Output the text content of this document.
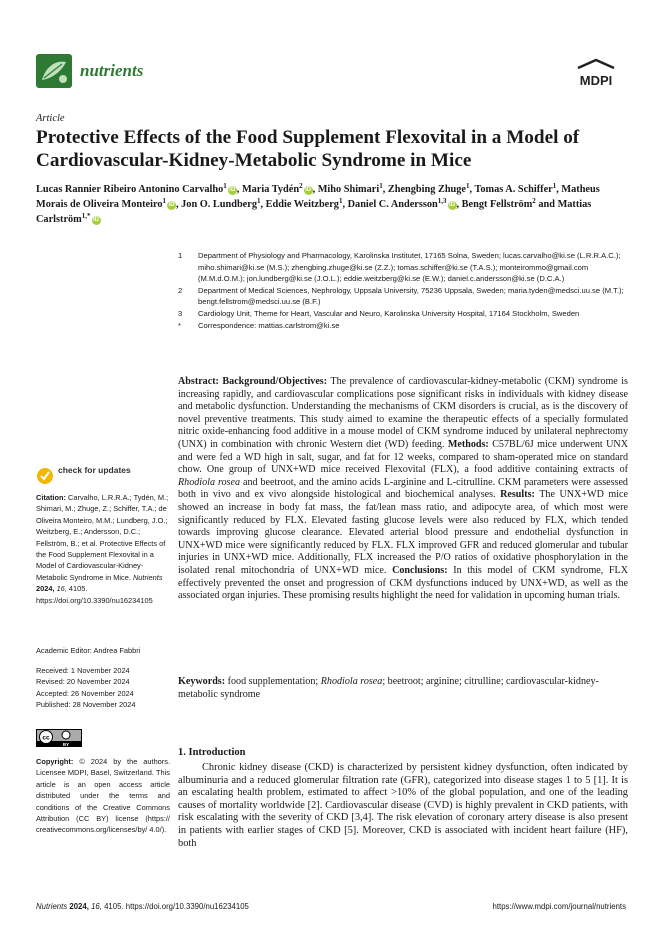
nutrients
MDPI
Article
Protective Effects of the Food Supplement Flexovital in a Model of Cardiovascular-Kidney-Metabolic Syndrome in Mice
Lucas Rannier Ribeiro Antonino Carvalho$^1$ iD , Maria Tydén$^2$ iD , Miho Shimari$^1$, Zhengbing Zhuge$^1$, Tomas A. Schiffer$^1$, Matheus Morais de Oliveira Monteiro$^1$ iD , Jon O. Lundberg$^1$, Eddie Weitzberg$^1$, Daniel C. Andersson$^{1,3}$ iD , Bengt Fellström$^2$ and Mattias Carlström$^{1,*}$ iD
1 Department of Physiology and Pharmacology, Karolinska Institutet, 17165 Solna, Sweden; lucas.carvalho@ki.se (L.R.R.A.C.); miho.shimari@ki.se (M.S.); zhengbing.zhuge@ki.se (Z.Z.); tomas.schiffer@ki.se (T.A.S.); monteirommo@gmail.com (M.M.d.O.M.); jon.lundberg@ki.se (J.O.L.); eddie.weitzberg@ki.se (E.W.); daniel.c.andersson@ki.se (D.C.A.)
2 Department of Medical Sciences, Nephrology, Uppsala University, 75236 Uppsala, Sweden; maria.tyden@medsci.uu.se (M.T.); bengt.fellstrom@medsci.uu.se (B.F.)
3 Cardiology Unit, Theme for Heart, Vascular and Neuro, Karolinska University Hospital, 17164 Stockholm, Sweden
* Correspondence: mattias.carlstrom@ki.se
check for updates
Citation: Carvalho, L.R.R.A.; Tydén, M.; Shimari, M.; Zhuge, Z.; Schiffer, T.A.; de Oliveira Monteiro, M.M.; Lundberg, J.O.; Weitzberg, E.; Andersson, D.C.; Fellström, B.; et al. Protective Effects of the Food Supplement Flexovital in a Model of Cardiovascular-Kidney-Metabolic Syndrome in Mice. Nutrients 2024, 16, 4105. https://doi.org/10.3390/nu16234105
Academic Editor: Andrea Fabbri
Received: 1 November 2024
Revised: 20 November 2024
Accepted: 26 November 2024
Published: 28 November 2024
cc
BY
Copyright: © 2024 by the authors. Licensee MDPI, Basel, Switzerland. This article is an open access article distributed under the terms and conditions of the Creative Commons Attribution (CC BY) license (https:// creativecommons.org/licenses/by/ 4.0/).
Abstract: Background/Objectives: The prevalence of cardiovascular-kidney-metabolic (CKM) syndrome is increasing rapidly, and cardiovascular complications pose significant risks in individuals with kidney disease and metabolic dysfunction. Understanding the mechanisms of CKM disorders is crucial, as is the discovery of novel preventive treatments. This study aimed to examine the therapeutic effects of a specially formulated nitric oxide-enhancing food additive in a mouse model of CKM syndrome induced by unilateral nephrectomy (UNX) in combination with chronic Western diet (WD) feeding. Methods: C57BL/6J mice underwent UNX and were fed a WD high in salt, sugar, and fat for 12 weeks, compared to sham-operated mice on standard chow. One group of UNX+WD mice received Flexovital (FLX), a food additive containing extracts of Rhodiola rosea and beetroot, and the amino acids L-arginine and L-citrulline. CKM parameters were assessed both in vivo and ex vivo alongside histological and biochemical analyses. Results: The UNX+WD mice showed an increase in body fat mass, the fat/lean mass ratio, and adipocyte area, of which most were significantly reduced by FLX. Elevated fasting glucose levels were also reduced by FLX, which tended towards improving glucose clearance. Elevated arterial blood pressure and endothelial dysfunction in UNX+WD mice were significantly reduced by FLX. FLX improved GFR and reduced glomerular and tubular injuries in UNX+WD mice. Additionally, FLX increased the P/O ratios of oxidative phosphorylation in the isolated renal mitochondria of UNX+WD mice. Conclusions: In this model of CKM syndrome, FLX effectively prevented the onset and progression of CKM dysfunctions induced by UNX+WD, as well as the associated organ injuries. These promising results highlight the need for validation in upcoming human trials.
Keywords: food supplementation; Rhodiola rosea; beetroot; arginine; citrulline; cardiovascular-kidney-metabolic syndrome
1. Introduction

Chronic kidney disease (CKD) is characterized by persistent kidney dysfunction, often indicated by albuminuria and a reduced glomerular filtration rate (GFR), categorized into disease stages 1 to 5 [1]. It is an escalating health problem, estimated to affect >10% of the global population, and one of the leading causes of mortality worldwide [2]. Cardiovascular disease (CVD) is highly prevalent in CKD patients, with risk escalating with the severity of CKD [3,4]. The risk elevation of coronary artery disease is also present in patients with earlier stages of CKD [5]. Moreover, CKD is associated with incident heart failure (HF), both

Nutrients 2024, 16, 4105. https://doi.org/10.3390/nu16234105	https://www.mdpi.com/journal/nutrients
